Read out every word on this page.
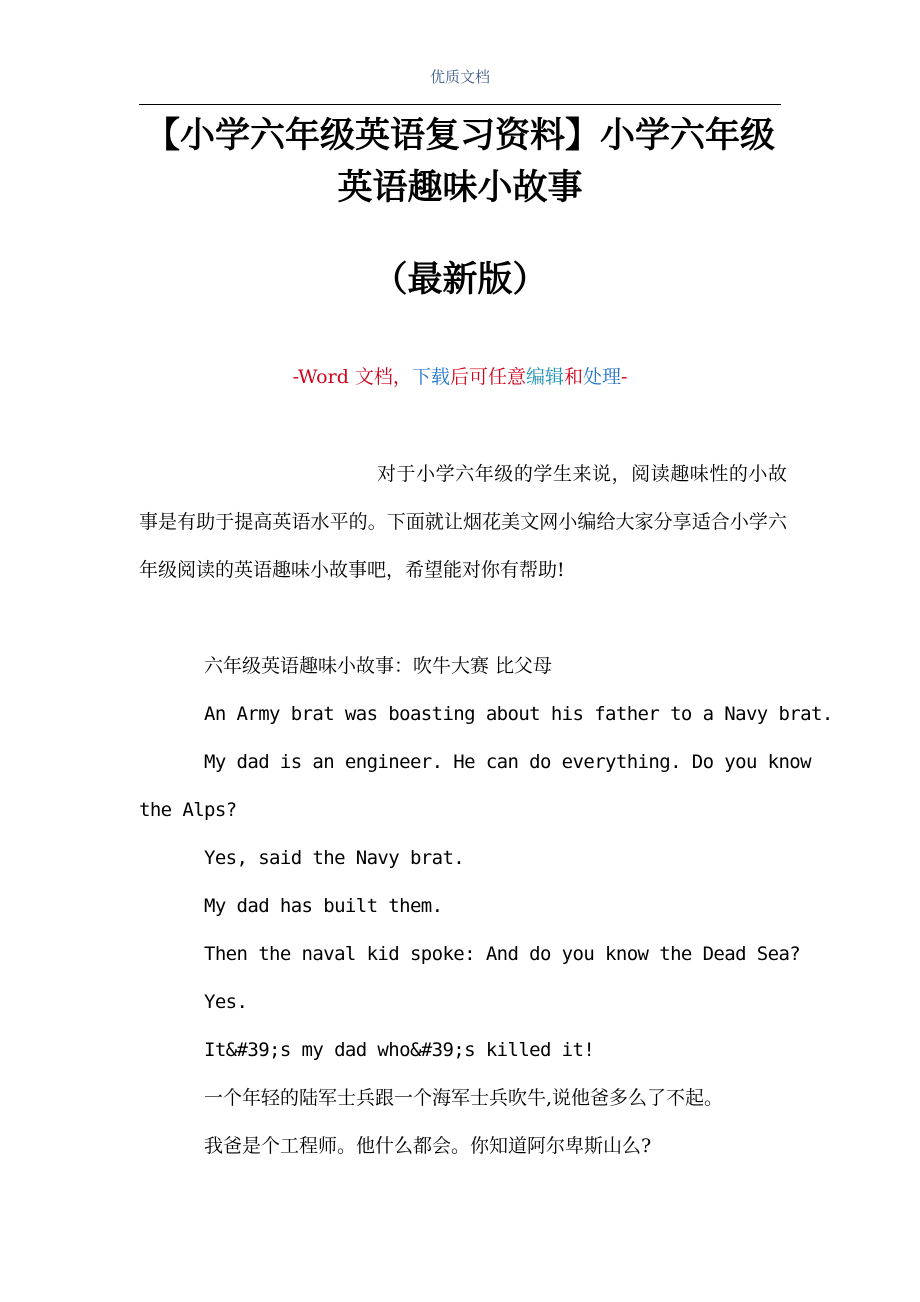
优质文档
【小学六年级英语复习资料】小学六年级英语趣味小故事
（最新版）
-Word 文档，下载后可任意编辑和处理-

对于小学六年级的学生来说，阅读趣味性的小故事是有助于提高英语水平的。下面就让烟花美文网小编给大家分享适合小学六年级阅读的英语趣味小故事吧，希望能对你有帮助!

六年级英语趣味小故事：吹牛大赛 比父母

An Army brat was boasting about his father to a Navy brat.

My dad is an engineer. He can do everything. Do you know

the Alps?

Yes, said the Navy brat.

My dad has built them.

Then the naval kid spoke: And do you know the Dead Sea?

Yes.

It&#39;s my dad who&#39;s killed it!

一个年轻的陆军士兵跟一个海军士兵吹牛,说他爸多么了不起。

我爸是个工程师。他什么都会。你知道阿尔卑斯山么?
